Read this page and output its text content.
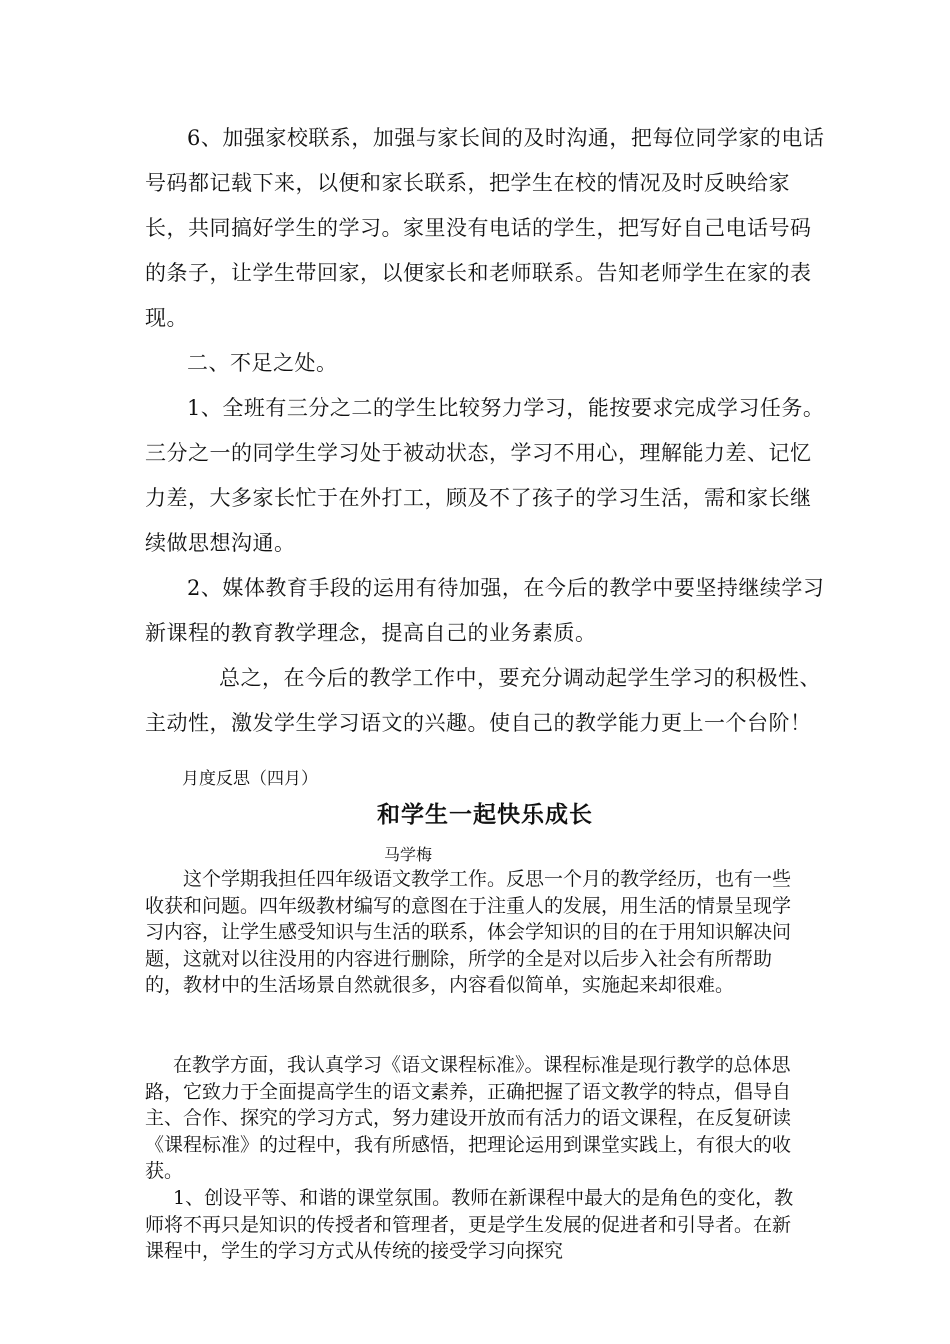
6、加强家校联系，加强与家长间的及时沟通，把每位同学家的电话号码都记载下来，以便和家长联系，把学生在校的情况及时反映给家长，共同搞好学生的学习。家里没有电话的学生，把写好自己电话号码的条子，让学生带回家，以便家长和老师联系。告知老师学生在家的表现。

二、不足之处。

1、全班有三分之二的学生比较努力学习，能按要求完成学习任务。三分之一的同学生学习处于被动状态，学习不用心，理解能力差、记忆力差，大多家长忙于在外打工，顾及不了孩子的学习生活，需和家长继续做思想沟通。

2、媒体教育手段的运用有待加强，在今后的教学中要坚持继续学习新课程的教育教学理念，提高自己的业务素质。

总之，在今后的教学工作中，要充分调动起学生学习的积极性、主动性，激发学生学习语文的兴趣。使自己的教学能力更上一个台阶！

月度反思（四月）

和学生一起快乐成长

马学梅

这个学期我担任四年级语文教学工作。反思一个月的教学经历，也有一些收获和问题。四年级教材编写的意图在于注重人的发展，用生活的情景呈现学习内容，让学生感受知识与生活的联系，体会学知识的目的在于用知识解决问题，这就对以往没用的内容进行删除，所学的全是对以后步入社会有所帮助的，教材中的生活场景自然就很多，内容看似简单，实施起来却很难。

在教学方面，我认真学习《语文课程标准》。课程标准是现行教学的总体思路，它致力于全面提高学生的语文素养，正确把握了语文教学的特点，倡导自主、合作、探究的学习方式，努力建设开放而有活力的语文课程，在反复研读《课程标准》的过程中，我有所感悟，把理论运用到课堂实践上，有很大的收获。

1、创设平等、和谐的课堂氛围。教师在新课程中最大的是角色的变化，教师将不再只是知识的传授者和管理者，更是学生发展的促进者和引导者。在新课程中，学生的学习方式从传统的接受学习向探究
